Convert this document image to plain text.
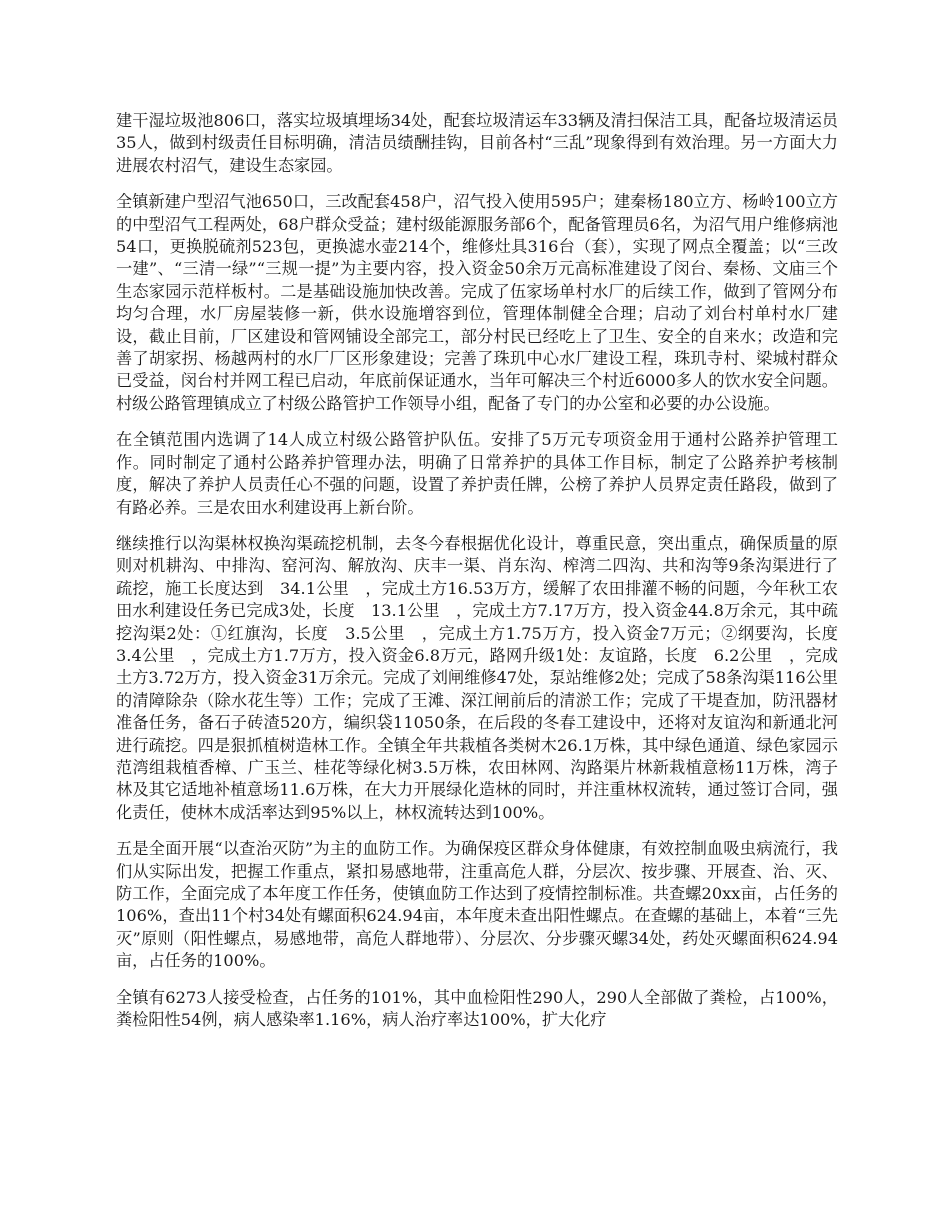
建干湿垃圾池806口，落实垃圾填埋场34处，配套垃圾清运车33辆及清扫保洁工具，配备垃圾清运员35人，做到村级责任目标明确，清洁员绩酬挂钩，目前各村“三乱”现象得到有效治理。另一方面大力进展农村沼气，建设生态家园。

全镇新建户型沼气池650口，三改配套458户，沼气投入使用595户；建秦杨180立方、杨岭100立方的中型沼气工程两处，68户群众受益；建村级能源服务部6个，配备管理员6名，为沼气用户维修病池54口，更换脱硫剂523包，更换滤水壶214个，维修灶具316台（套），实现了网点全覆盖；以“三改一建”、“三清一绿”“三规一提”为主要内容，投入资金50余万元高标准建设了闵台、秦杨、文庙三个生态家园示范样板村。二是基础设施加快改善。完成了伍家场单村水厂的后续工作，做到了管网分布均匀合理，水厂房屋装修一新，供水设施增容到位，管理体制健全合理；启动了刘台村单村水厂建设，截止目前，厂区建设和管网铺设全部完工，部分村民已经吃上了卫生、安全的自来水；改造和完善了胡家拐、杨越两村的水厂厂区形象建设；完善了珠玑中心水厂建设工程，珠玑寺村、梁城村群众已受益，闵台村并网工程已启动，年底前保证通水，当年可解决三个村近6000多人的饮水安全问题。村级公路管理镇成立了村级公路管护工作领导小组，配备了专门的办公室和必要的办公设施。

在全镇范围内选调了14人成立村级公路管护队伍。安排了5万元专项资金用于通村公路养护管理工作。同时制定了通村公路养护管理办法，明确了日常养护的具体工作目标，制定了公路养护考核制度，解决了养护人员责任心不强的问题，设置了养护责任牌，公榜了养护人员界定责任路段，做到了有路必养。三是农田水利建设再上新台阶。

继续推行以沟渠林权换沟渠疏挖机制，去冬今春根据优化设计，尊重民意，突出重点，确保质量的原则对机耕沟、中排沟、窑河沟、解放沟、庆丰一渠、肖东沟、榨湾二四沟、共和沟等9条沟渠进行了疏挖，施工长度达到　34.1公里　，完成土方16.53万方，缓解了农田排灌不畅的问题，今年秋工农田水利建设任务已完成3处，长度　13.1公里　，完成土方7.17万方，投入资金44.8万余元，其中疏挖沟渠2处：①红旗沟，长度　3.5公里　，完成土方1.75万方，投入资金7万元；②纲要沟，长度　3.4公里　，完成土方1.7万方，投入资金6.8万元，路网升级1处：友谊路，长度　6.2公里　，完成土方3.72万方，投入资金31万余元。完成了刘闸维修47处，泵站维修2处；完成了58条沟渠116公里　的清障除杂（除水花生等）工作；完成了王滩、深江闸前后的清淤工作；完成了干堤查加，防汛器材准备任务，备石子砖渣520方，编织袋11050条，在后段的冬春工建设中，还将对友谊沟和新通北河进行疏挖。四是狠抓植树造林工作。全镇全年共栽植各类树木26.1万株，其中绿色通道、绿色家园示范湾组栽植香樟、广玉兰、桂花等绿化树3.5万株，农田林网、沟路渠片林新栽植意杨11万株，湾子林及其它适地补植意场11.6万株，在大力开展绿化造林的同时，并注重林权流转，通过签订合同，强化责任，使林木成活率达到95%以上，林权流转达到100%。

五是全面开展“以查治灭防”为主的血防工作。为确保疫区群众身体健康，有效控制血吸虫病流行，我们从实际出发，把握工作重点，紧扣易感地带，注重高危人群，分层次、按步骤、开展查、治、灭、防工作，全面完成了本年度工作任务，使镇血防工作达到了疫情控制标准。共查螺20xx亩，占任务的106%，查出11个村34处有螺面积624.94亩，本年度未查出阳性螺点。在查螺的基础上，本着“三先灭”原则（阳性螺点，易感地带，高危人群地带）、分层次、分步骤灭螺34处，药处灭螺面积624.94亩，占任务的100%。

全镇有6273人接受检查，占任务的101%，其中血检阳性290人，290人全部做了粪检，占100%，粪检阳性54例，病人感染率1.16%，病人治疗率达100%，扩大化疗
